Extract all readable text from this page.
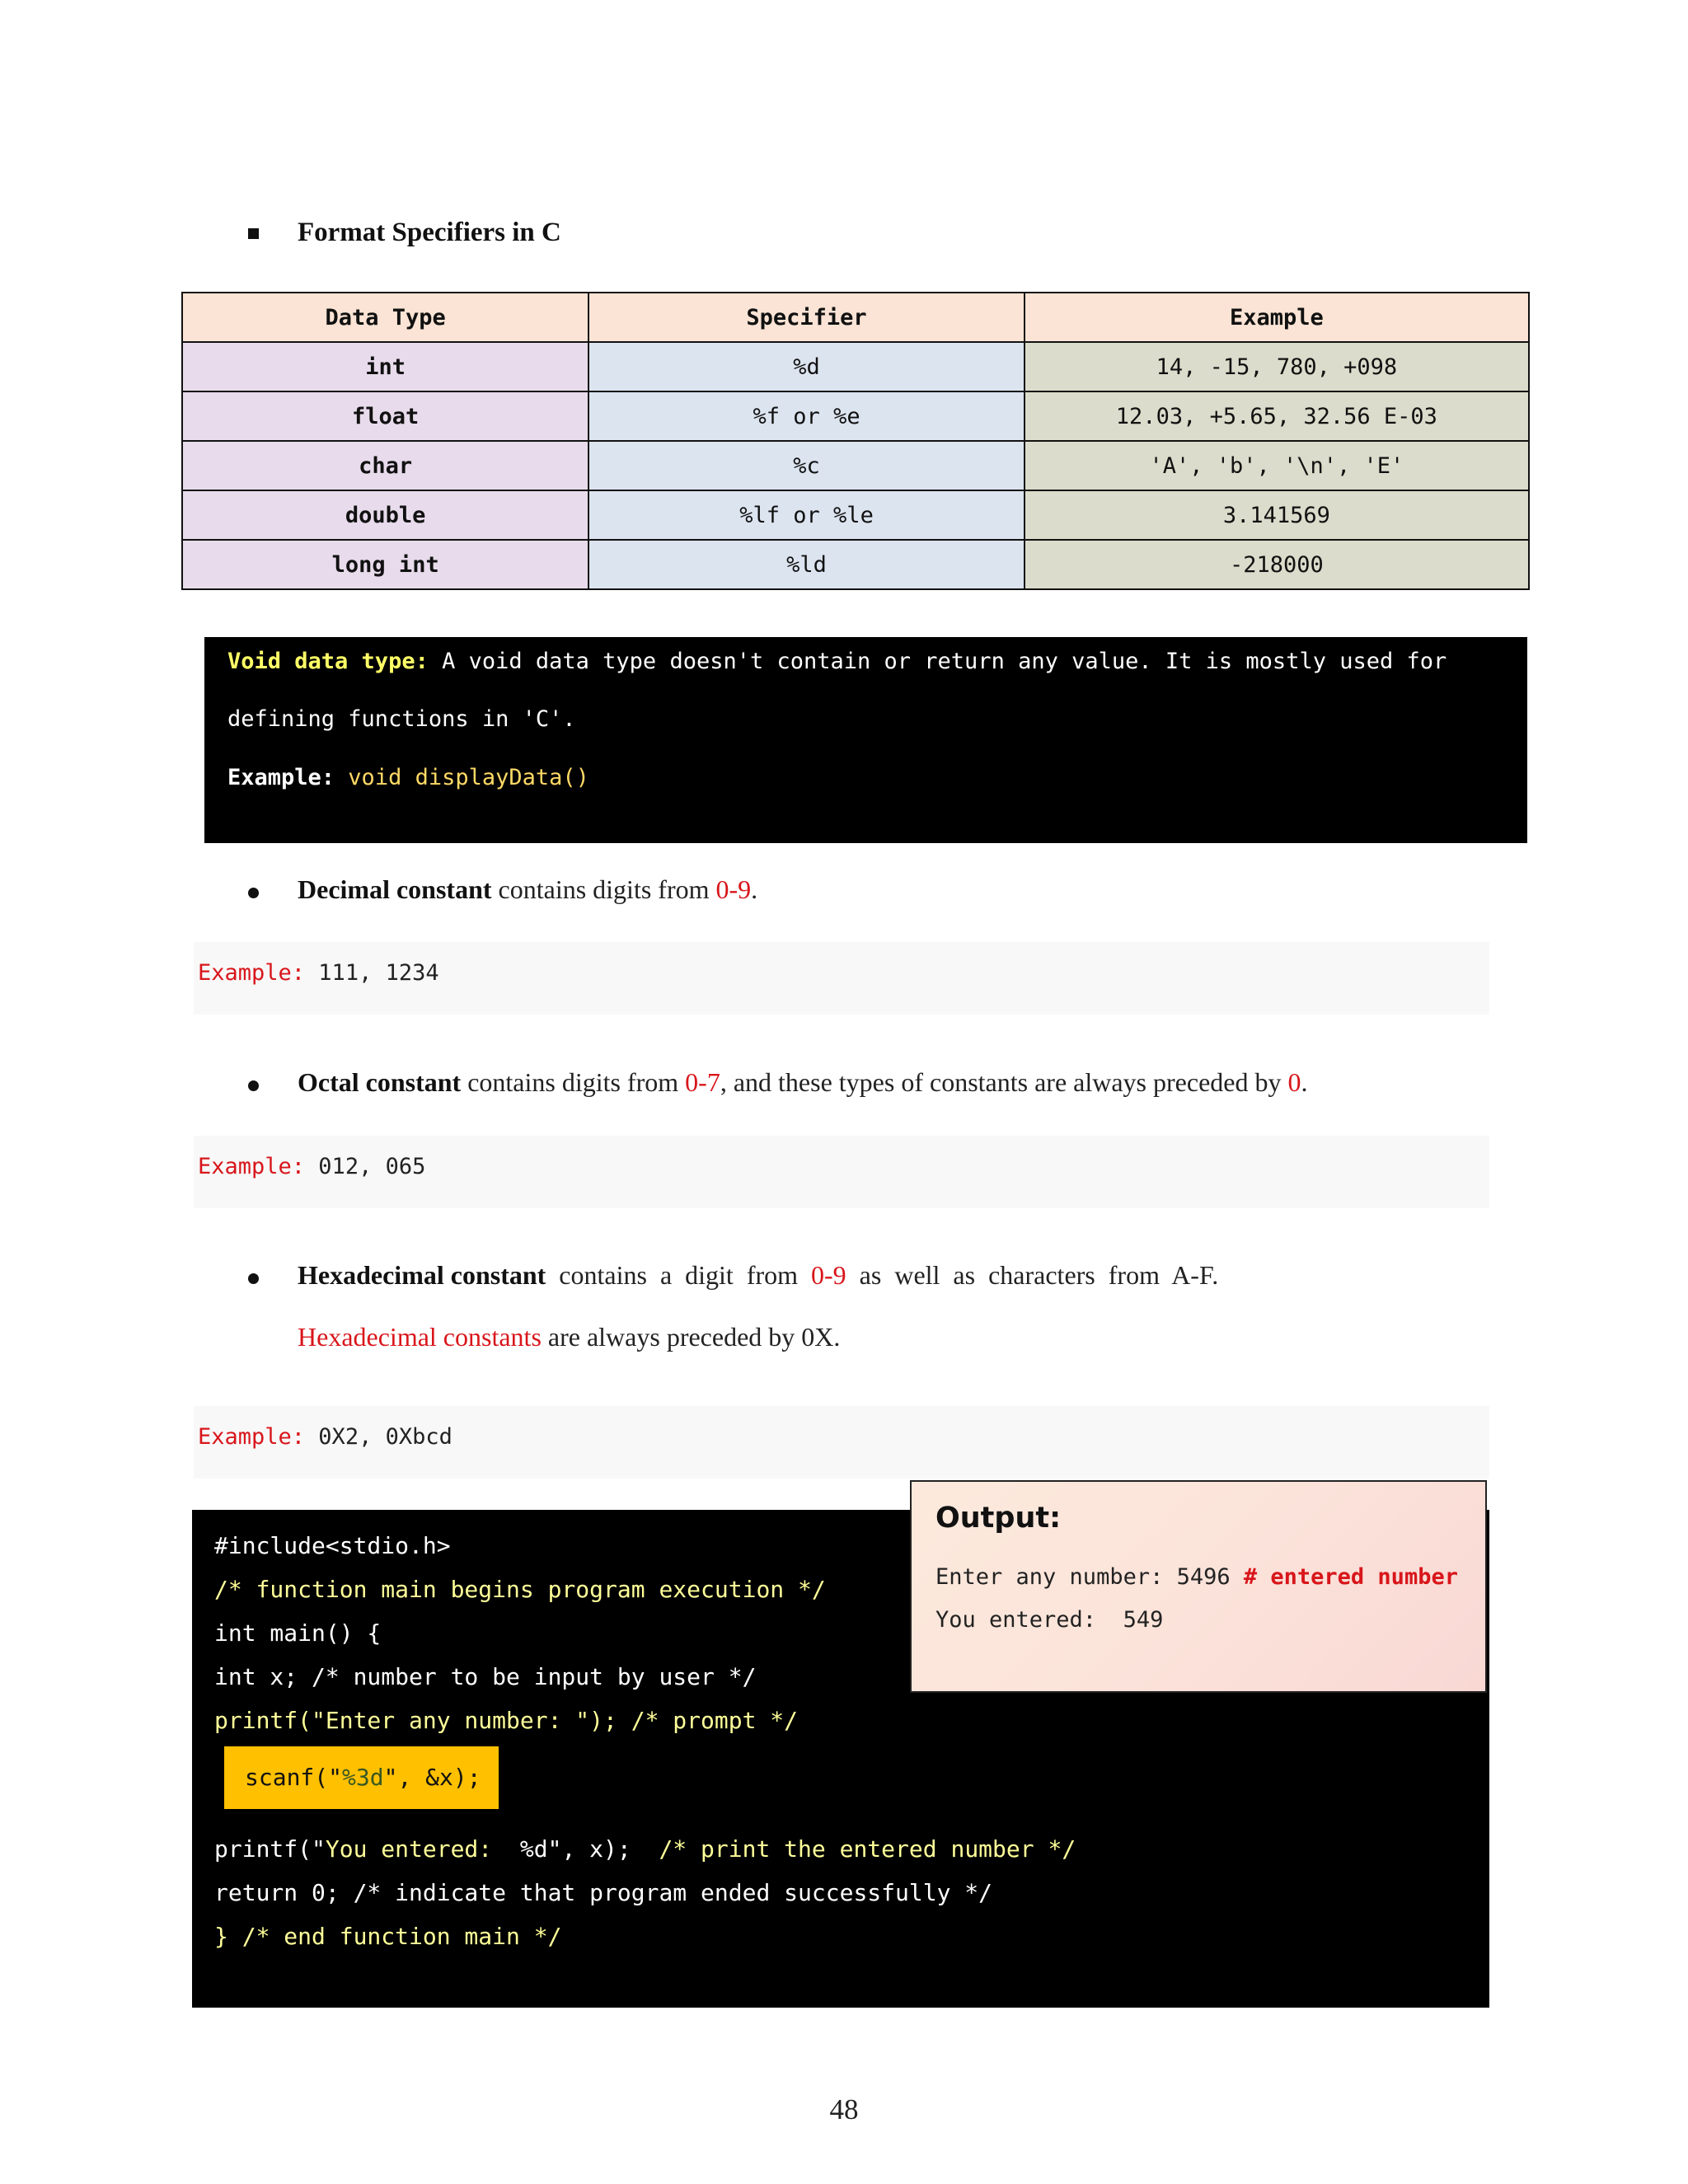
Format Specifiers in C
Data Type	Specifier	Example
int	%d	14, -15, 780, +098
float	%f or %e	12.03, +5.65, 32.56 E-03
char	%c	'A', 'b', '\n', 'E'
double	%lf or %le	3.141569
long int	%ld	-218000
Void data type: A void data type doesn't contain or return any value. It is mostly used for
defining functions in 'C'.
Example: void displayData()
Decimal constant contains digits from 0-9.
Example: 111, 1234
Octal constant contains digits from 0-7, and these types of constants are always preceded by 0.
Example: 012, 065
Hexadecimal constant  contains  a  digit  from  0-9  as  well  as  characters  from  A-F.
Hexadecimal constants are always preceded by 0X.
Example: 0X2, 0Xbcd
#include<stdio.h>
/* function main begins program execution */
int main() {
int x; /* number to be input by user */
printf("Enter any number: "); /* prompt */
printf("You entered:  %d", x);  /* print the entered number */
return 0; /* indicate that program ended successfully */
} /* end function main */
scanf("%3d", &x);
Output:
Enter any number: 5496 # entered number
You entered:  549
48
